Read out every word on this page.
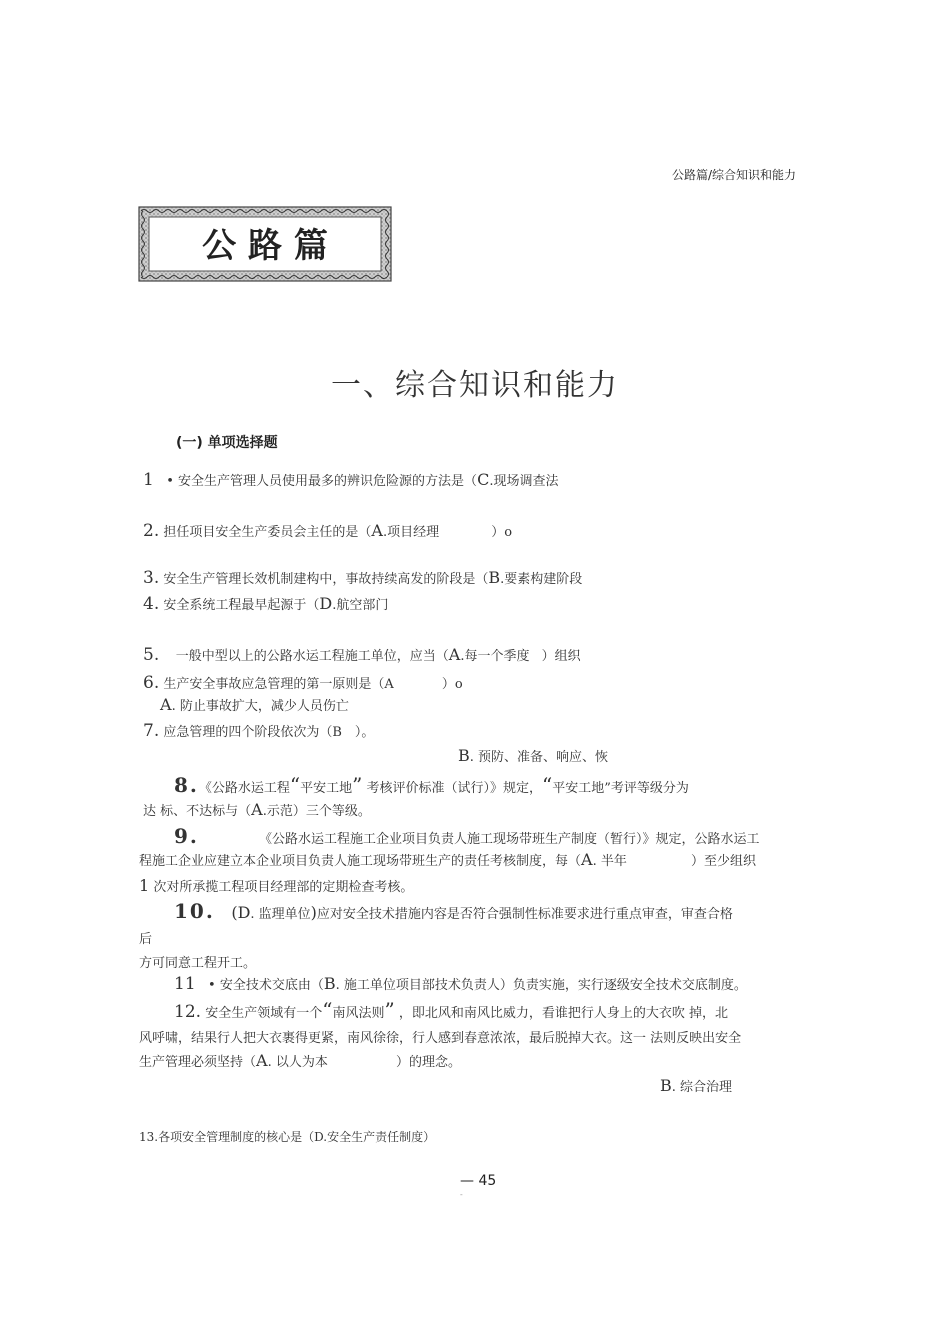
公路篇/综合知识和能力
公 路 篇
一、综合知识和能力
(一) 单项选择题
1 • 安全生产管理人员使用最多的辨识危险源的方法是（C.现场调查法
2. 担任项目安全生产委员会主任的是（A.项目经理	）o
3. 安全生产管理长效机制建构中，事故持续高发的阶段是（B.要素构建阶段
4. 安全系统工程最早起源于（D.航空部门
5. 一般中型以上的公路水运工程施工单位，应当（A.每一个季度 ）组织
6. 生产安全事故应急管理的第一原则是（A	）o
A. 防止事故扩大，减少人员伤亡
7. 应急管理的四个阶段依次为（B　）。
B. 预防、准备、响应、恢
8.《公路水运工程“平安工地” 考核评价标准（试行）》规定，“平安工地”考评等级分为
达 标、不达标与（A.示范）三个等级。
9.	《公路水运工程施工企业项目负责人施工现场带班生产制度（暂行）》规定，公路水运工
程施工企业应建立本企业项目负责人施工现场带班生产的责任考核制度，每（A. 半年	）至少组织
1 次对所承揽工程项目经理部的定期检查考核。
10. (D. 监理单位)应对安全技术措施内容是否符合强制性标准要求进行重点审查，审查合格
后
方可同意工程开工。
11 • 安全技术交底由（B. 施工单位项目部技术负责人）负责实施，实行逐级安全技术交底制度。
12. 安全生产领域有一个“南风法则” ，即北风和南风比威力，看谁把行人身上的大衣吹 掉，北
风呼啸，结果行人把大衣裹得更紧，南风徐徐，行人感到春意浓浓，最后脱掉大衣。这一 法则反映出安全
生产管理必须坚持（A. 以人为本	）的理念。
B. 综合治理
13.各项安全管理制度的核心是（D.安全生产责任制度）
— 45
-
